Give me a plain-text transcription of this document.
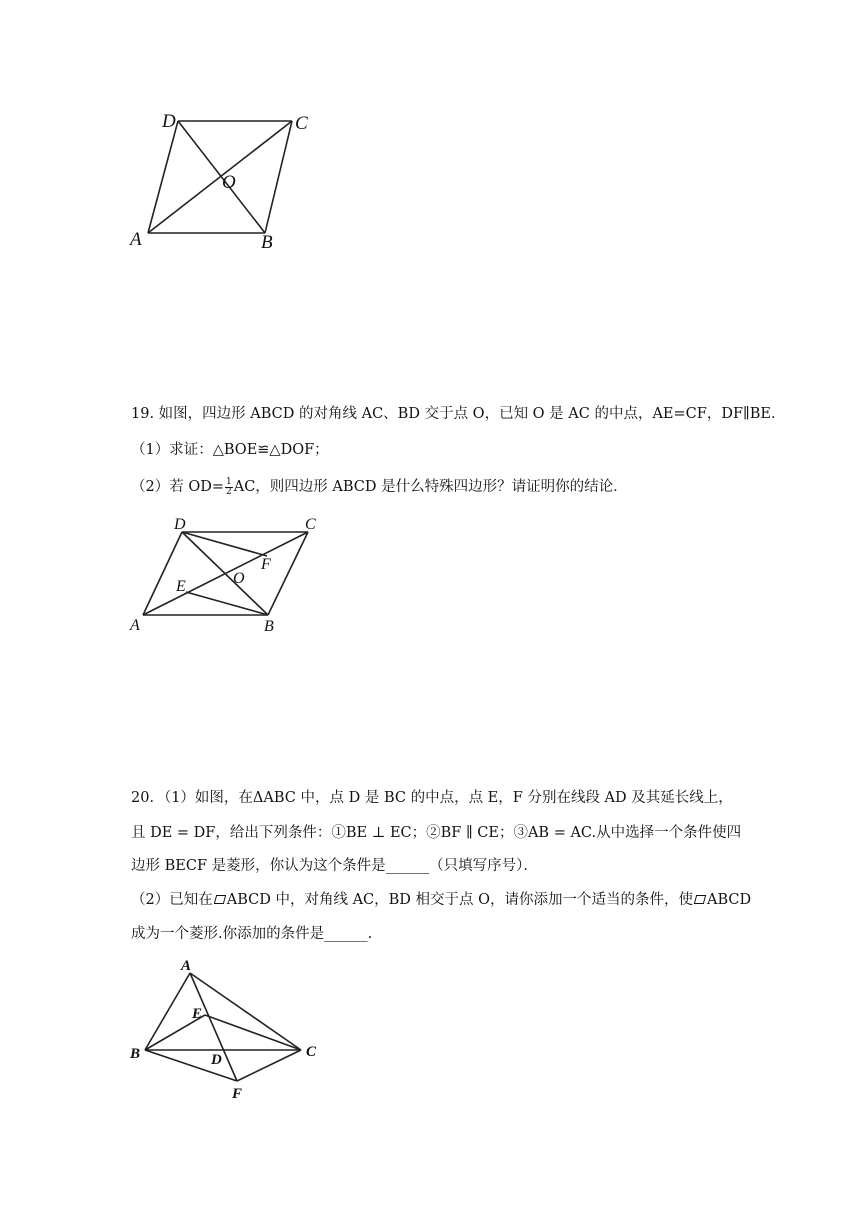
D	C
O
A	B
19. 如图，四边形 ABCD 的对角线 AC、BD 交于点 O，已知 O 是 AC 的中点，AE=CF，DF∥BE．
（1）求证：△BOE≌△DOF；
（2）若 $OD= \frac{1}{2}$ AC，则四边形 ABCD 是什么特殊四边形？请证明你的结论．
D	C
F
O
E
A	B
20．（1）如图，在ΔABC 中，点 D 是 BC 的中点，点 E，F 分别在线段 AD 及其延长线上，
且 DE = DF，给出下列条件：①BE ⊥ EC；②BF ∥ CE；③AB = AC.从中选择一个条件使四
边形 BECF 是菱形，你认为这个条件是______（只填写序号）．
（2）已知在 ABCD 中，对角线 AC，BD 相交于点 O，请你添加一个适当的条件，使 ABCD
成为一个菱形.你添加的条件是______.
A
E
B	D	C
F
